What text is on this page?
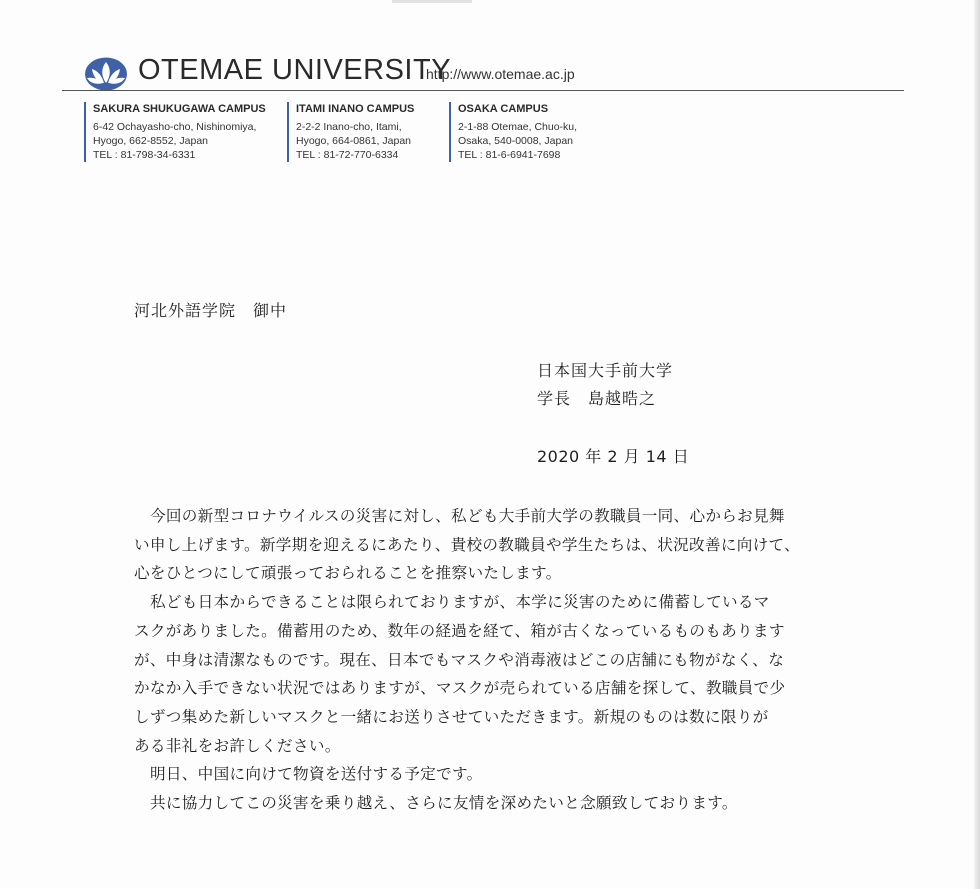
OTEMAE UNIVERSITY
http://www.otemae.ac.jp
SAKURA SHUKUGAWA CAMPUS
6-42 Ochayasho-cho, Nishinomiya,
Hyogo, 662-8552, Japan
TEL : 81-798-34-6331
ITAMI INANO CAMPUS
2-2-2 Inano-cho, Itami,
Hyogo, 664-0861, Japan
TEL : 81-72-770-6334
OSAKA CAMPUS
2-1-88 Otemae, Chuo-ku,
Osaka, 540-0008, Japan
TEL : 81-6-6941-7698
河北外語学院　御中
日本国大手前大学
学長　島越晧之
2020 年 2 月 14 日
今回の新型コロナウイルスの災害に対し、私ども大手前大学の教職員一同、心からお見舞
い申し上げます。新学期を迎えるにあたり、貴校の教職員や学生たちは、状況改善に向けて、
心をひとつにして頑張っておられることを推察いたします。
私ども日本からできることは限られておりますが、本学に災害のために備蓄しているマ
スクがありました。備蓄用のため、数年の経過を経て、箱が古くなっているものもあります
が、中身は清潔なものです。現在、日本でもマスクや消毒液はどこの店舗にも物がなく、な
かなか入手できない状況ではありますが、マスクが売られている店舗を探して、教職員で少
しずつ集めた新しいマスクと一緒にお送りさせていただきます。新規のものは数に限りが
ある非礼をお許しください。
明日、中国に向けて物資を送付する予定です。
共に協力してこの災害を乗り越え、さらに友情を深めたいと念願致しております。
